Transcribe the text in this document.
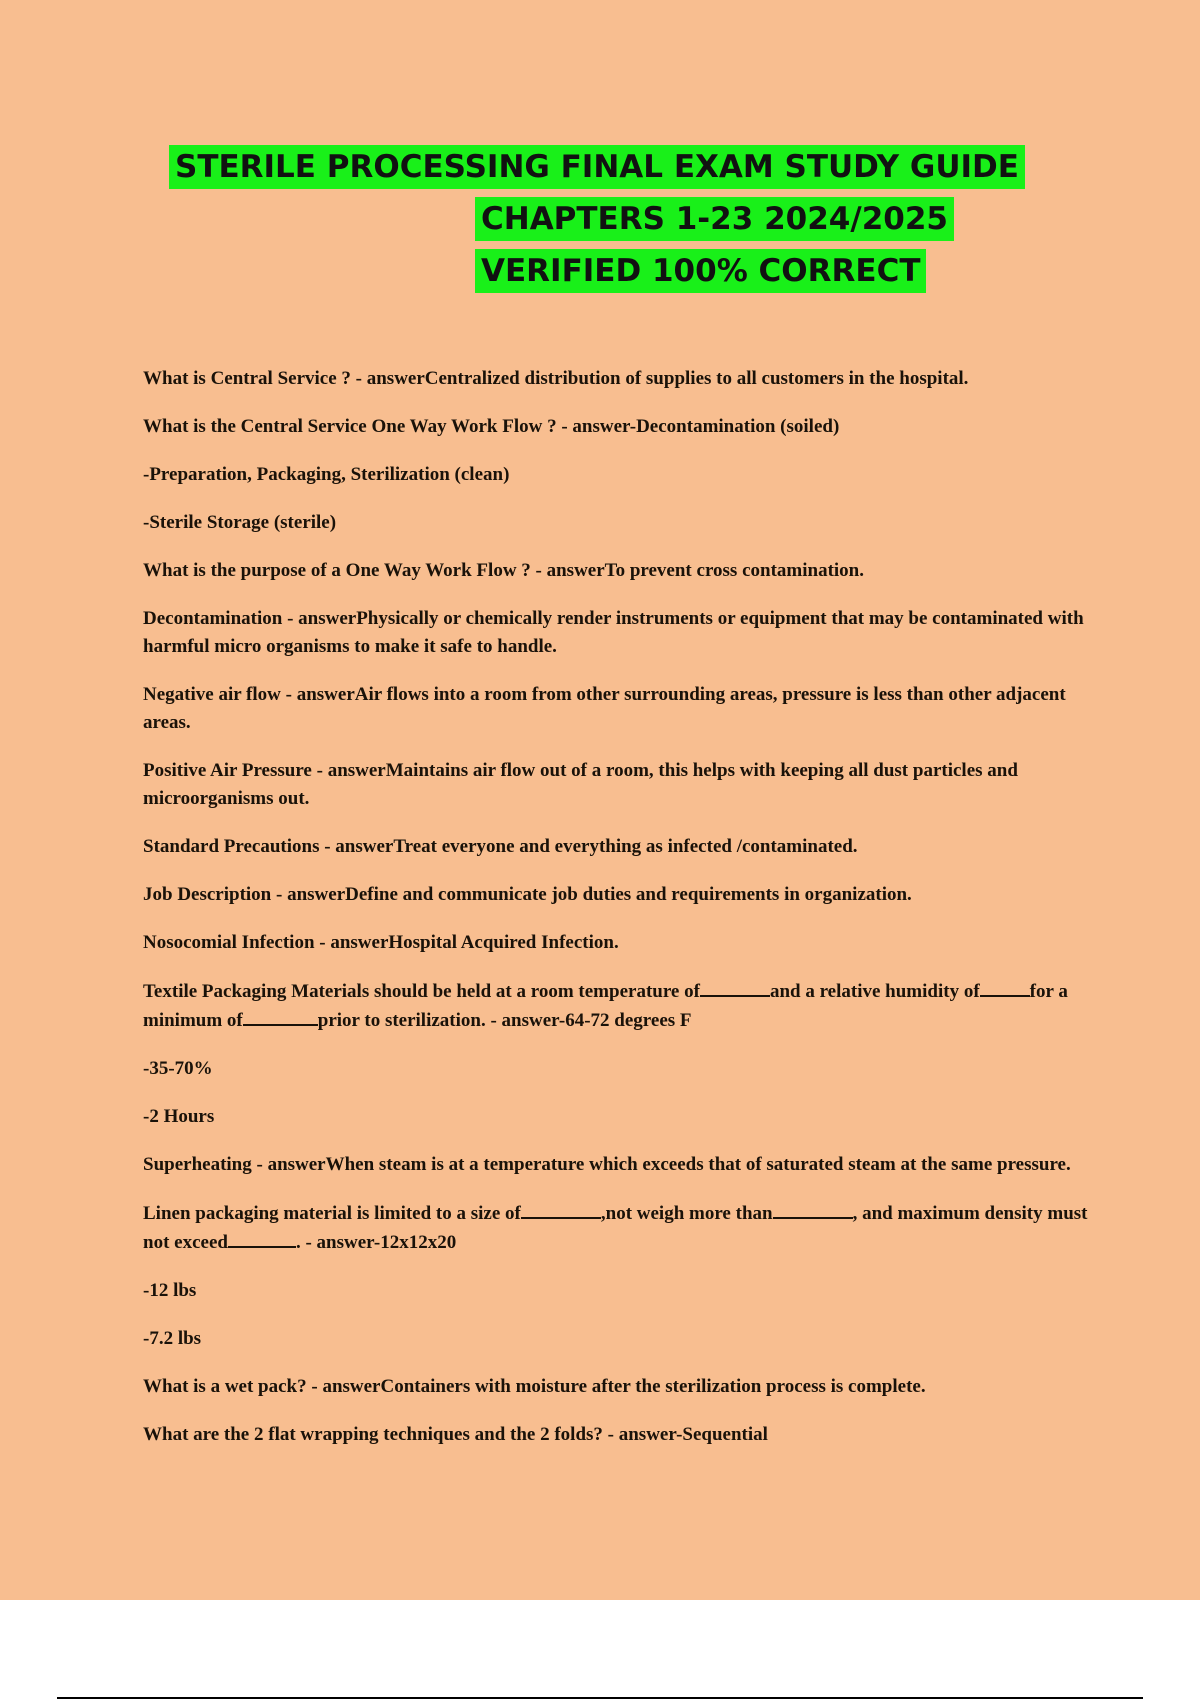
STERILE PROCESSING FINAL EXAM STUDY GUIDE
CHAPTERS 1-23 2024/2025
VERIFIED 100% CORRECT

What is Central Service ? - answerCentralized distribution of supplies to all customers in the hospital.

What is the Central Service One Way Work Flow ? - answer-Decontamination (soiled)

-Preparation, Packaging, Sterilization (clean)

-Sterile Storage (sterile)

What is the purpose of a One Way Work Flow ? - answerTo prevent cross contamination.

Decontamination - answerPhysically or chemically render instruments or equipment that may be contaminated with harmful micro organisms to make it safe to handle.

Negative air flow - answerAir flows into a room from other surrounding areas, pressure is less than other adjacent areas.

Positive Air Pressure - answerMaintains air flow out of a room, this helps with keeping all dust particles and microorganisms out.

Standard Precautions - answerTreat everyone and everything as infected /contaminated.

Job Description - answerDefine and communicate job duties and requirements in organization.

Nosocomial Infection - answerHospital Acquired Infection.

Textile Packaging Materials should be held at a room temperature of	and a relative humidity of	for a minimum of	prior to sterilization. - answer-64-72 degrees F

-35-70%

-2 Hours

Superheating - answerWhen steam is at a temperature which exceeds that of saturated steam at the same pressure.

Linen packaging material is limited to a size of	,not weigh more than	, and maximum density must not exceed	. - answer-12x12x20

-12 lbs

-7.2 lbs

What is a wet pack? - answerContainers with moisture after the sterilization process is complete.

What are the 2 flat wrapping techniques and the 2 folds? - answer-Sequential
